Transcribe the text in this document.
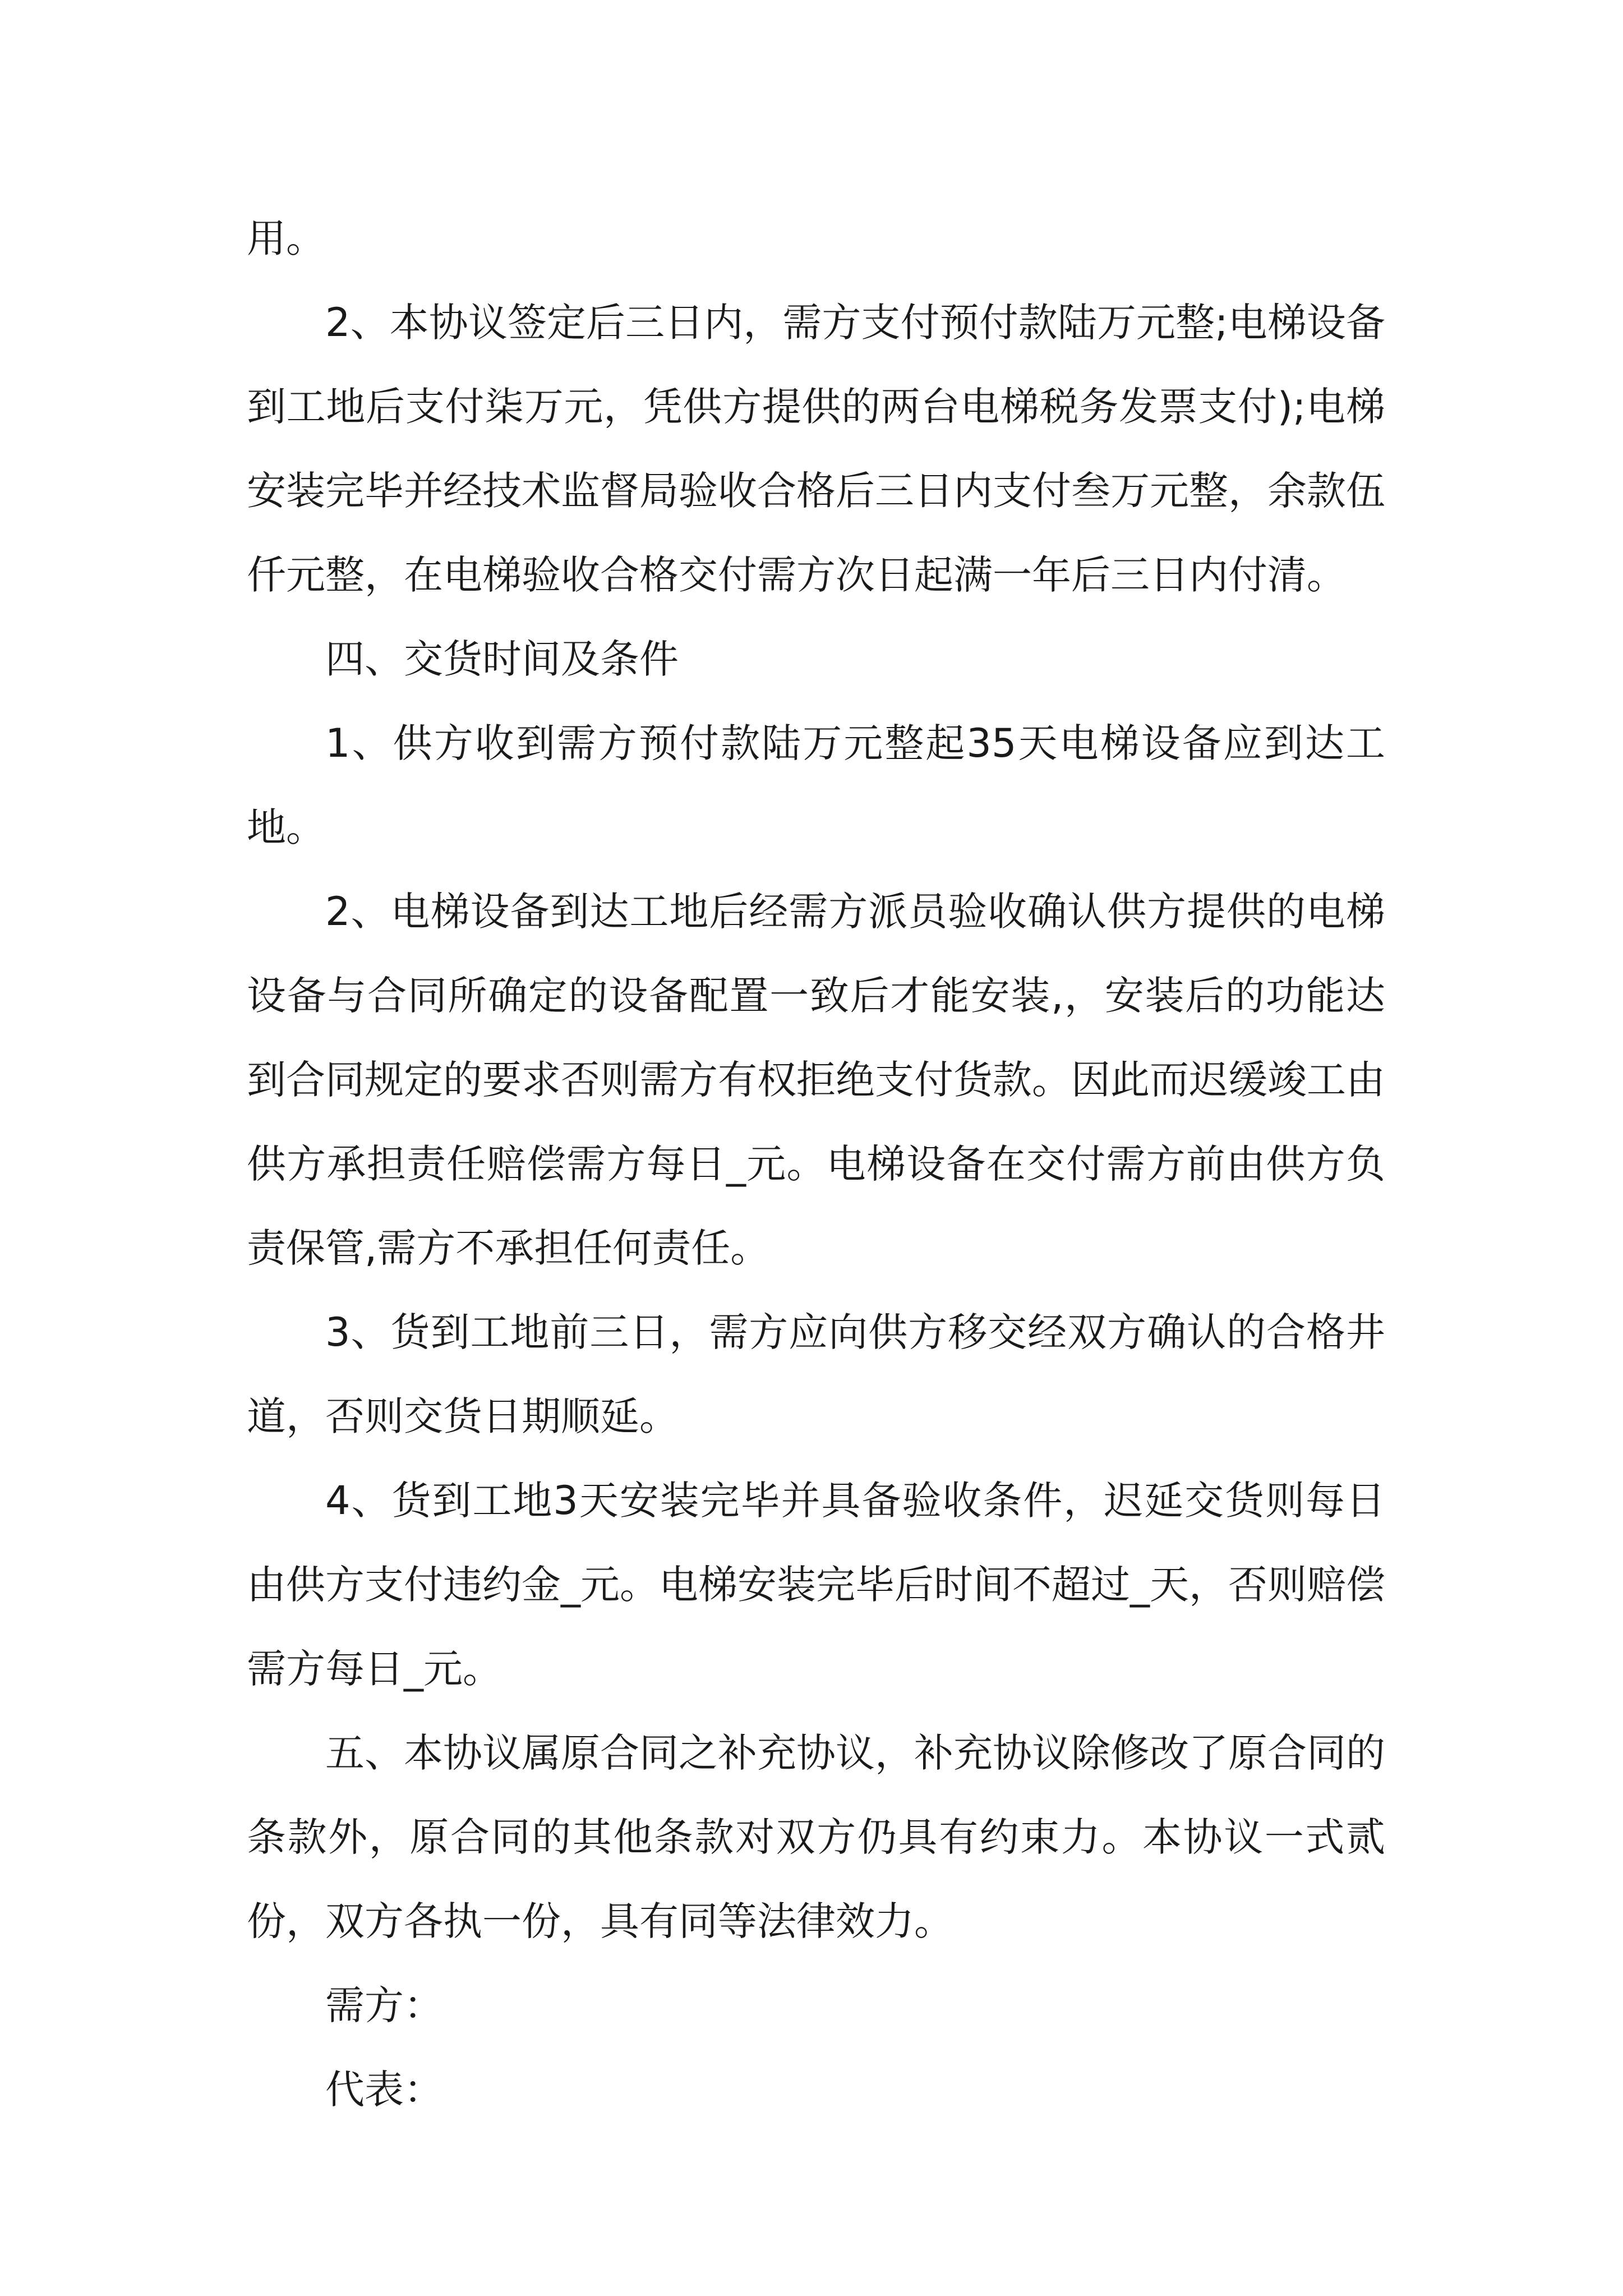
用。

2、本协议签定后三日内，需方支付预付款陆万元整;电梯设备到工地后支付柒万元，凭供方提供的两台电梯税务发票支付);电梯安装完毕并经技术监督局验收合格后三日内支付叁万元整，余款伍仟元整，在电梯验收合格交付需方次日起满一年后三日内付清。

四、交货时间及条件

1、供方收到需方预付款陆万元整起35天电梯设备应到达工地。

2、电梯设备到达工地后经需方派员验收确认供方提供的电梯设备与合同所确定的设备配置一致后才能安装,，安装后的功能达到合同规定的要求否则需方有权拒绝支付货款。因此而迟缓竣工由供方承担责任赔偿需方每日_元。电梯设备在交付需方前由供方负责保管,需方不承担任何责任。

3、货到工地前三日，需方应向供方移交经双方确认的合格井道，否则交货日期顺延。

4、货到工地3天安装完毕并具备验收条件，迟延交货则每日由供方支付违约金_元。电梯安装完毕后时间不超过_天，否则赔偿需方每日_元。

五、本协议属原合同之补充协议，补充协议除修改了原合同的条款外，原合同的其他条款对双方仍具有约束力。本协议一式贰份，双方各执一份，具有同等法律效力。

需方：

代表：
